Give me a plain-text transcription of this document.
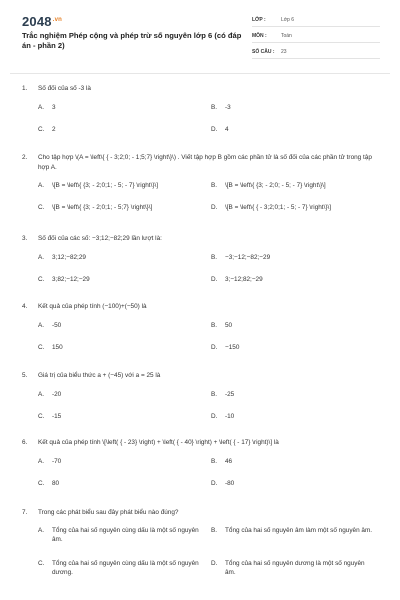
$2048^{.vn}$
Trắc nghiệm Phép cộng và phép trừ số nguyên lớp 6 (có đáp án - phần 2)
LỚP :	Lớp 6
MÔN :	Toán
SỐ CÂU :	23
1.	Số đối của số -3 là
A.	3	B.	-3
C.	2	D.	4
2.	Cho tập hợp \(A = \left\{ { - 3;2;0; - 1;5;7} \right\}\) . Viết tập hợp B gồm các phần tử là số đối của các phần tử trong tập hợp A.
A.	\[B = \left\{ {3; - 2;0;1; - 5; - 7} \right\}\]	B.	\[B = \left\{ {3; - 2;0; - 5; - 7} \right\}\]
C.	\[B = \left\{ {3; - 2;0;1; - 5;7} \right\}\]	D.	\[B = \left\{ { - 3;2;0;1; - 5; - 7} \right\}\]
3.	Số đối của các số: −3;12;−82;29 lần lượt là:
A.	3;12;−82;29	B.	−3;−12;−82;−29
C.	3;82;−12;−29	D.	3;−12;82;−29
4.	Kết quả của phép tính (−100)+(−50) là
A.	-50	B.	50
C.	150	D.	−150
5.	Giá trị của biểu thức a + (−45) với a = 25 là
A.	-20	B.	-25
C.	-15	D.	-10
6.	Kết quả của phép tính \[\left( { - 23} \right) + \left( { - 40} \right) + \left( { - 17} \right)\] là
A.	-70	B.	46
C.	80	D.	-80
7.	Trong các phát biểu sau đây phát biểu nào đúng?
A.	Tổng của hai số nguyên cùng dấu là một số nguyên âm.
B.	Tổng của hai số nguyên âm làm một số nguyên âm.
C.	Tổng của hai số nguyên cùng dấu là một số nguyên dương.
D.	Tổng của hai số nguyên dương là một số nguyên âm.
